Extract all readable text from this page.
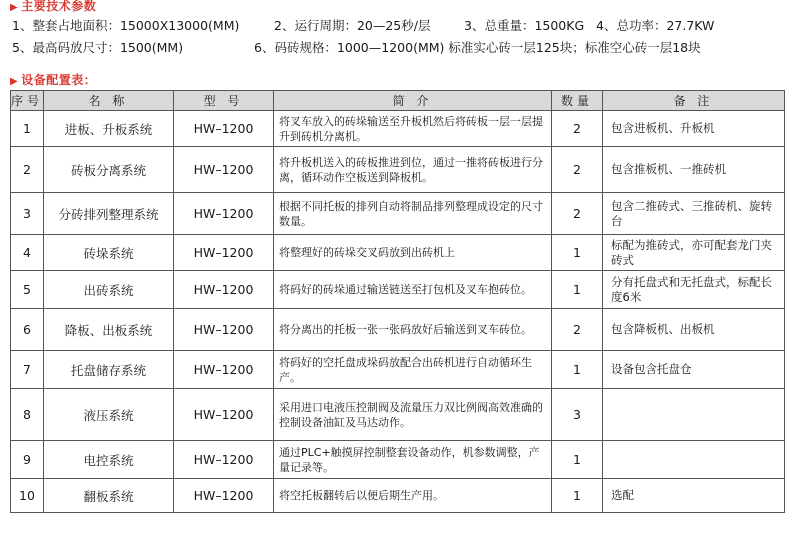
▶ 主要技术参数
1、整套占地面积：15000X13000(MM)	2、运行周期：20—25秒/层	3、总重量：1500KG 4、总功率：27.7KW
5、最高码放尺寸：1500(MM)	6、码砖规格：1000—1200(MM) 标准实心砖一层125块；标准空心砖一层18块
▶ 设备配置表：
序号	名 称	型 号	简 介	数量	备 注
1	进板、升板系统	HW–1200	将叉车放入的砖垛输送至升板机然后将砖板一层一层提升到砖机分离机。	2	包含进板机、升板机
2	砖板分离系统	HW–1200	将升板机送入的砖板推进到位，通过一推将砖板进行分离，循环动作空板送到降板机。	2	包含推板机、一推砖机
3	分砖排列整理系统	HW–1200	根据不同托板的排列自动将制品排列整理成设定的尺寸数量。	2	包含二推砖式、三推砖机、旋转台
4	砖垛系统	HW–1200	将整理好的砖垛交叉码放到出砖机上	1	标配为推砖式，亦可配套龙门夹砖式
5	出砖系统	HW–1200	将码好的砖垛通过输送链送至打包机及叉车抱砖位。	1	分有托盘式和无托盘式，标配长度6米
6	降板、出板系统	HW–1200	将分离出的托板一张一张码放好后输送到叉车砖位。	2	包含降板机、出板机
7	托盘储存系统	HW–1200	将码好的空托盘成垛码放配合出砖机进行自动循环生产。	1	设备包含托盘仓
8	液压系统	HW–1200	采用进口电液压控制阀及流量压力双比例阀高效准确的控制设备油缸及马达动作。	3	
9	电控系统	HW–1200	通过PLC+触摸屏控制整套设备动作，机参数调整，产量记录等。	1	
10	翻板系统	HW–1200	将空托板翻转后以便后期生产用。	1	选配
